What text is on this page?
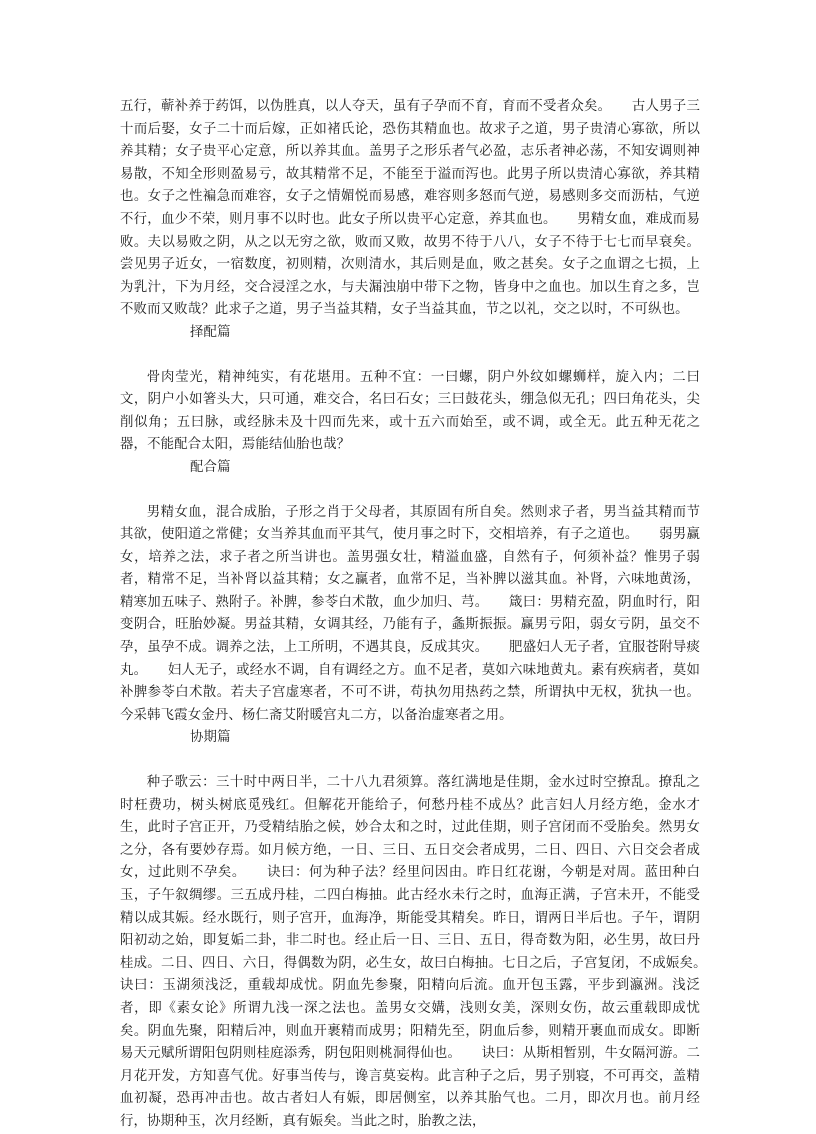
五行，蕲补养于药饵，以伪胜真，以人夺天，虽有子孕而不育，育而不受者众矣。　　古人男子三十而后娶，女子二十而后嫁，正如褚氏论，恐伤其精血也。故求子之道，男子贵清心寡欲，所以养其精；女子贵平心定意，所以养其血。盖男子之形乐者气必盈，志乐者神必荡，不知安调则神易散，不知全形则盈易亏，故其精常不足，不能至于溢而泻也。此男子所以贵清心寡欲，养其精也。女子之性褊急而难容，女子之情媚悦而易感，难容则多怒而气逆，易感则多交而沥枯，气逆不行，血少不荣，则月事不以时也。此女子所以贵平心定意，养其血也。　　男精女血，难成而易败。夫以易败之阴，从之以无穷之欲，败而又败，故男不待于八八，女子不待于七七而早衰矣。尝见男子近女，一宿数度，初则精，次则清水，其后则是血，败之甚矣。女子之血谓之七损，上为乳汁，下为月经，交合浸淫之水，与夫漏浊崩中带下之物，皆身中之血也。加以生育之多，岂不败而又败哉？此求子之道，男子当益其精，女子当益其血，节之以礼，交之以时，不可纵也。

择配篇

骨肉莹光，精神纯实，有花堪用。五种不宜：一曰螺，阴户外纹如螺蛳样，旋入内；二曰文，阴户小如箸头大，只可通，难交合，名曰石女；三曰鼓花头，绷急似无孔；四曰角花头，尖削似角；五曰脉，或经脉未及十四而先来，或十五六而始至，或不调，或全无。此五种无花之器，不能配合太阳，焉能结仙胎也哉？

配合篇

男精女血，混合成胎，子形之肖于父母者，其原固有所自矣。然则求子者，男当益其精而节其欲，使阳道之常健；女当养其血而平其气，使月事之时下，交相培养，有子之道也。　　弱男赢女，培养之法，求子者之所当讲也。盖男强女壮，精溢血盛，自然有子，何须补益？惟男子弱者，精常不足，当补肾以益其精；女之赢者，血常不足，当补脾以滋其血。补肾，六味地黄汤，精寒加五味子、熟附子。补脾，参苓白术散，血少加归、芎。　　箴曰：男精充盈，阴血时行，阳变阴合，旺胎妙凝。男益其精，女调其经，乃能有子，螽斯振振。赢男亏阳，弱女亏阴，虽交不孕，虽孕不成。调养之法，上工所明，不遇其良，反成其灾。　　肥盛妇人无子者，宜服苍附导痰丸。　　妇人无子，或经水不调，自有调经之方。血不足者，莫如六味地黄丸。素有疾病者，莫如补脾参苓白术散。若夫子宫虚寒者，不可不讲，苟执勿用热药之禁，所谓执中无权，犹执一也。今采韩飞霞女金丹、杨仁斋艾附暖宫丸二方，以备治虚寒者之用。

协期篇

种子歌云：三十时中两日半，二十八九君须算。落红满地是佳期，金水过时空撩乱。撩乱之时枉费功，树头树底觅残红。但解花开能给子，何愁丹桂不成丛？此言妇人月经方绝，金水才生，此时子宫正开，乃受精结胎之候，妙合太和之时，过此佳期，则子宫闭而不受胎矣。然男女之分，各有要妙存焉。如月候方绝，一日、三日、五日交会者成男，二日、四日、六日交会者成女，过此则不孕矣。　　诀曰：何为种子法？经里问因由。昨日红花谢，今朝是对周。蓝田种白玉，子午叙绸缪。三五成丹桂，二四白梅抽。此古经水未行之时，血海正满，子宫未开，不能受精以成其娠。经水既行，则子宫开，血海净，斯能受其精矣。昨日，谓两日半后也。子午，谓阴阳初动之始，即复姤二卦，非二时也。经止后一日、三日、五日，得奇数为阳，必生男，故曰丹桂成。二日、四日、六日，得偶数为阴，必生女，故曰白梅抽。七日之后，子宫复闭，不成娠矣。　　诀曰：玉湖须浅泛，重载却成忧。阴血先参聚，阳精向后流。血开包玉露，平步到瀛洲。浅泛者，即《素女论》所谓九浅一深之法也。盖男女交媾，浅则女美，深则女伤，故云重载即成忧矣。阴血先聚，阳精后冲，则血开裹精而成男；阳精先至，阴血后参，则精开裹血而成女。即断易天元赋所谓阳包阴则桂庭添秀，阴包阳则桃洞得仙也。　　诀曰：从斯相暂别，牛女隔河游。二月花开发，方知喜气优。好事当传与，谗言莫妄构。此言种子之后，男子别寝，不可再交，盖精血初凝，恐再冲击也。故古者妇人有娠，即居侧室，以养其胎气也。二月，即次月也。前月经行，协期种玉，次月经断，真有娠矣。当此之时，胎教之法，
